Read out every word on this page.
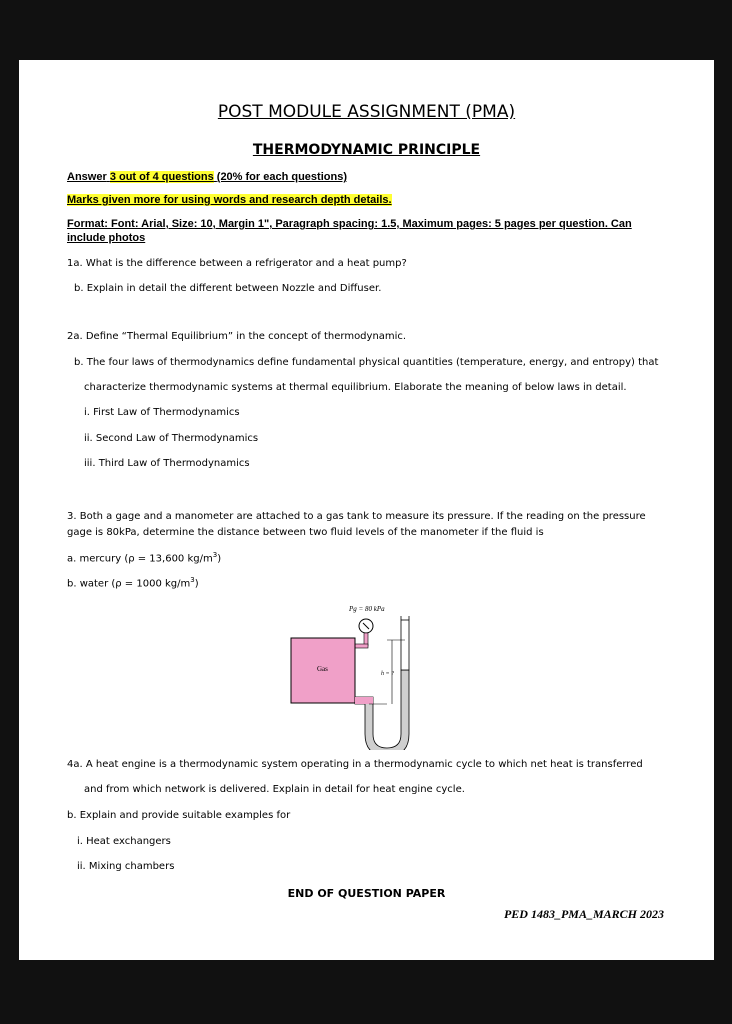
POST MODULE ASSIGNMENT (PMA)

THERMODYNAMIC PRINCIPLE

Answer 3 out of 4 questions (20% for each questions)

Marks given more for using words and research depth details.

Format: Font: Arial, Size: 10, Margin 1", Paragraph spacing: 1.5, Maximum pages: 5 pages per question. Can include photos

1a. What is the difference between a refrigerator and a heat pump?

b. Explain in detail the different between Nozzle and Diffuser.

2a. Define “Thermal Equilibrium” in the concept of thermodynamic.

b. The four laws of thermodynamics define fundamental physical quantities (temperature, energy, and entropy) that

characterize thermodynamic systems at thermal equilibrium. Elaborate the meaning of below laws in detail.

i. First Law of Thermodynamics

ii. Second Law of Thermodynamics

iii. Third Law of Thermodynamics

3. Both a gage and a manometer are attached to a gas tank to measure its pressure. If the reading on the pressure gage is 80kPa, determine the distance between two fluid levels of the manometer if the fluid is

a. mercury (ρ = 13,600 $kg/m^3$)

b. water (ρ = 1000 $kg/m^3$)

Pg = 80 kPa
Gas
h = ?

4a. A heat engine is a thermodynamic system operating in a thermodynamic cycle to which net heat is transferred

and from which network is delivered. Explain in detail for heat engine cycle.

b. Explain and provide suitable examples for

i. Heat exchangers

ii. Mixing chambers

END OF QUESTION PAPER

PED 1483_PMA_MARCH 2023
